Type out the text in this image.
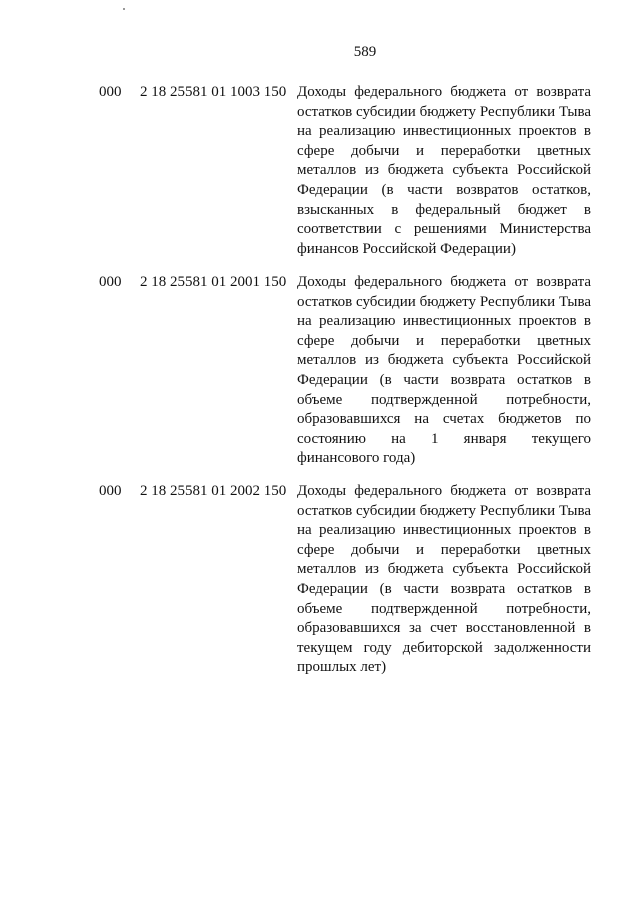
589
000 2 18 25581 01 1003 150 Доходы федерального бюджета от возврата остатков субсидии бюджету Республики Тыва на реализацию инвестиционных проектов в сфере добычи и переработки цветных металлов из бюджета субъекта Российской Федерации (в части возвратов остатков, взысканных в федеральный бюджет в соответствии с решениями Министерства финансов Российской Федерации)
000 2 18 25581 01 2001 150 Доходы федерального бюджета от возврата остатков субсидии бюджету Республики Тыва на реализацию инвестиционных проектов в сфере добычи и переработки цветных металлов из бюджета субъекта Российской Федерации (в части возврата остатков в объеме подтвержденной потребности, образовавшихся на счетах бюджетов по состоянию на 1 января текущего финансового года)
000 2 18 25581 01 2002 150 Доходы федерального бюджета от возврата остатков субсидии бюджету Республики Тыва на реализацию инвестиционных проектов в сфере добычи и переработки цветных металлов из бюджета субъекта Российской Федерации (в части возврата остатков в объеме подтвержденной потребности, образовавшихся за счет восстановленной в текущем году дебиторской задолженности прошлых лет)
